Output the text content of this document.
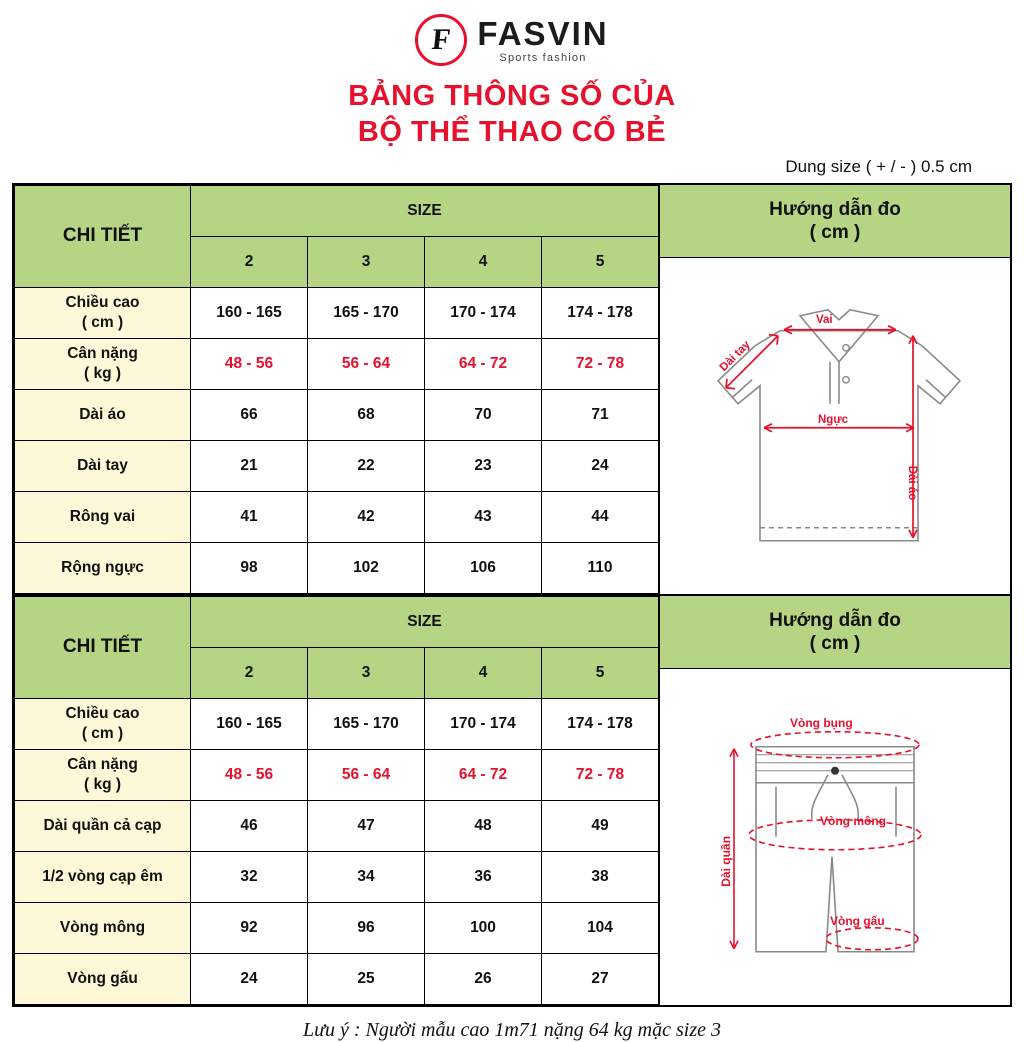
F FASVIN
Sports fashion
BẢNG THÔNG SỐ CỦA
BỘ THỂ THAO CỔ BẺ
Dung size ( + / - ) 0.5 cm
CHI TIẾT	SIZE			
	2	3	4	5

Chiều cao
( cm )	160 - 165	165 - 170	170 - 174	174 - 178

Cân nặng
( kg )	48 - 56	56 - 64	64 - 72	72 - 78
Dài áo	66	68	70	71
Dài tay	21	22	23	24
Rông vai	41	42	43	44
Rộng ngực	98	102	106	110
Hướng dẫn đo
( cm )
Dài tay
Vai
Ngực
Dài áo
CHI TIẾT	SIZE			
	2	3	4	5

Chiều cao
( cm )	160 - 165	165 - 170	170 - 174	174 - 178

Cân nặng
( kg )	48 - 56	56 - 64	64 - 72	72 - 78
Dài quần cả cạp	46	47	48	49
1/2 vòng cạp êm	32	34	36	38
Vòng mông	92	96	100	104
Vòng gấu	24	25	26	27
Hướng dẫn đo
( cm )
Vòng bụng
Vòng mông
Dài quần
Vòng gấu
Lưu ý : Người mẫu cao 1m71 nặng 64 kg mặc size 3
